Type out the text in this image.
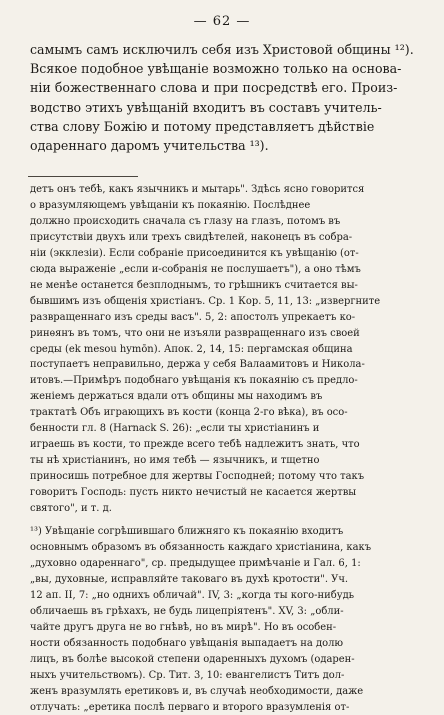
— 62 —
самымъ самъ исключилъ себя изъ Христовой общины ¹²).
Всякое подобное увѣщаніе возможно только на основа-
ніи божественнаго слова и при посредствѣ его. Произ-
водство этихъ увѣщаній входитъ въ составъ учитель-
ства слову Божію и потому представляетъ дѣйствіе
одареннаго даромъ учительства ¹³).
детъ онъ тебѣ, какъ язычникъ и мытарь". Здѣсь ясно говорится
о вразумляющемъ увѣщаніи къ покаянію. Послѣднее
должно происходить сначала съ глазу на глазъ, потомъ въ
присутствіи двухъ или трехъ свидѣтелей, наконецъ въ собра-
ніи (экклезіи). Если собраніе присоединится къ увѣщанію (от-
сюда выраженіе „если и-собранія не послушаетъ"), а оно тѣмъ
не менѣе останется безплоднымъ, то грѣшникъ считается вы-
бывшимъ изъ общенія христіанъ. Ср. 1 Кор. 5, 11, 13: „извергните
развращеннаго изъ среды васъ". 5, 2: апостолъ упрекаетъ ко-
ринѳянъ въ томъ, что они не изъяли развращеннаго изъ своей
среды (ek mesou hymōn). Апок. 2, 14, 15: пергамская община
поступаетъ неправильно, держа у себя Валаамитовъ и Никола-
итовъ.—Примѣръ подобнаго увѣщанія къ покаянію съ предло-
женіемъ держаться вдали отъ общины мы находимъ въ
трактатѣ Объ играющихъ въ кости (конца 2-го вѣка), въ осо-
бенности гл. 8 (Harnack S. 26): „если ты христіанинъ и
играешь въ кости, то прежде всего тебѣ надлежитъ знать, что
ты нѣ христіанинъ, но имя тебѣ — язычникъ, и тщетно
приносишь потребное для жертвы Господней; потому что такъ
говоритъ Господь: пусть никто нечистый не касается жертвы
святого", и т. д.
¹³) Увѣщаніе согрѣшившаго ближняго къ покаянію входитъ
основнымъ образомъ въ обязанность каждаго христіанина, какъ
„духовно одареннаго", ср. предыдущее примѣчаніе и Гал. 6, 1:
„вы, духовные, исправляйте таковаго въ духѣ кротости". Уч.
12 ап. II, 7: „но однихъ обличай". IV, 3: „когда ты кого-нибудь
обличаешь въ грѣхахъ, не будь лицепріятенъ". XV, 3: „обли-
чайте другъ друга не во гнѣвѣ, но въ мирѣ". Но въ особен-
ности обязанность подобнаго увѣщанія выпадаетъ на долю
лицъ, въ болѣе высокой степени одаренныхъ духомъ (одарен-
ныхъ учительствомъ). Ср. Тит. 3, 10: евангелистъ Титъ дол-
женъ вразумлять еретиковъ и, въ случаѣ необходимости, даже
отлучать: „еретика послѣ перваго и второго вразумленія от-
